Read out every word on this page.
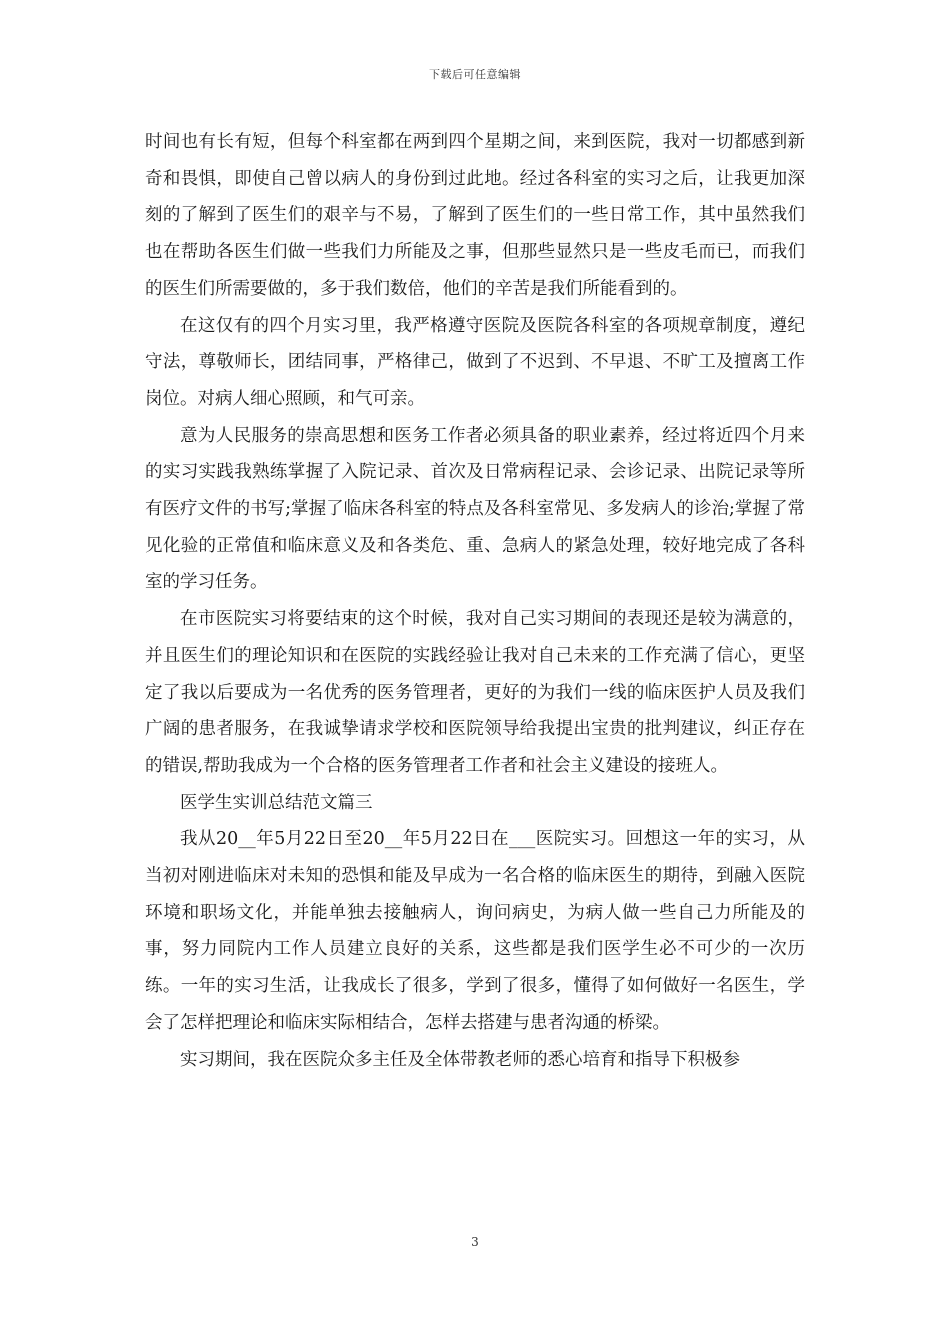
下载后可任意编辑

时间也有长有短，但每个科室都在两到四个星期之间，来到医院，我对一切都感到新奇和畏惧，即使自己曾以病人的身份到过此地。经过各科室的实习之后，让我更加深刻的了解到了医生们的艰辛与不易，了解到了医生们的一些日常工作，其中虽然我们也在帮助各医生们做一些我们力所能及之事，但那些显然只是一些皮毛而已，而我们的医生们所需要做的，多于我们数倍，他们的辛苦是我们所能看到的。

在这仅有的四个月实习里，我严格遵守医院及医院各科室的各项规章制度，遵纪守法，尊敬师长，团结同事，严格律己，做到了不迟到、不早退、不旷工及擅离工作岗位。对病人细心照顾，和气可亲。

意为人民服务的崇高思想和医务工作者必须具备的职业素养，经过将近四个月来的实习实践我熟练掌握了入院记录、首次及日常病程记录、会诊记录、出院记录等所有医疗文件的书写;掌握了临床各科室的特点及各科室常见、多发病人的诊治;掌握了常见化验的正常值和临床意义及和各类危、重、急病人的紧急处理，较好地完成了各科室的学习任务。

在市医院实习将要结束的这个时候，我对自己实习期间的表现还是较为满意的，并且医生们的理论知识和在医院的实践经验让我对自己未来的工作充满了信心，更坚定了我以后要成为一名优秀的医务管理者，更好的为我们一线的临床医护人员及我们广阔的患者服务，在我诚挚请求学校和医院领导给我提出宝贵的批判建议，纠正存在的错误,帮助我成为一个合格的医务管理者工作者和社会主义建设的接班人。

医学生实训总结范文篇三

我从20__年5月22日至20__年5月22日在___医院实习。回想这一年的实习，从当初对刚进临床对未知的恐惧和能及早成为一名合格的临床医生的期待，到融入医院环境和职场文化，并能单独去接触病人，询问病史，为病人做一些自己力所能及的事，努力同院内工作人员建立良好的关系，这些都是我们医学生必不可少的一次历练。一年的实习生活，让我成长了很多，学到了很多，懂得了如何做好一名医生，学会了怎样把理论和临床实际相结合，怎样去搭建与患者沟通的桥梁。

实习期间，我在医院众多主任及全体带教老师的悉心培育和指导下积极参

3
